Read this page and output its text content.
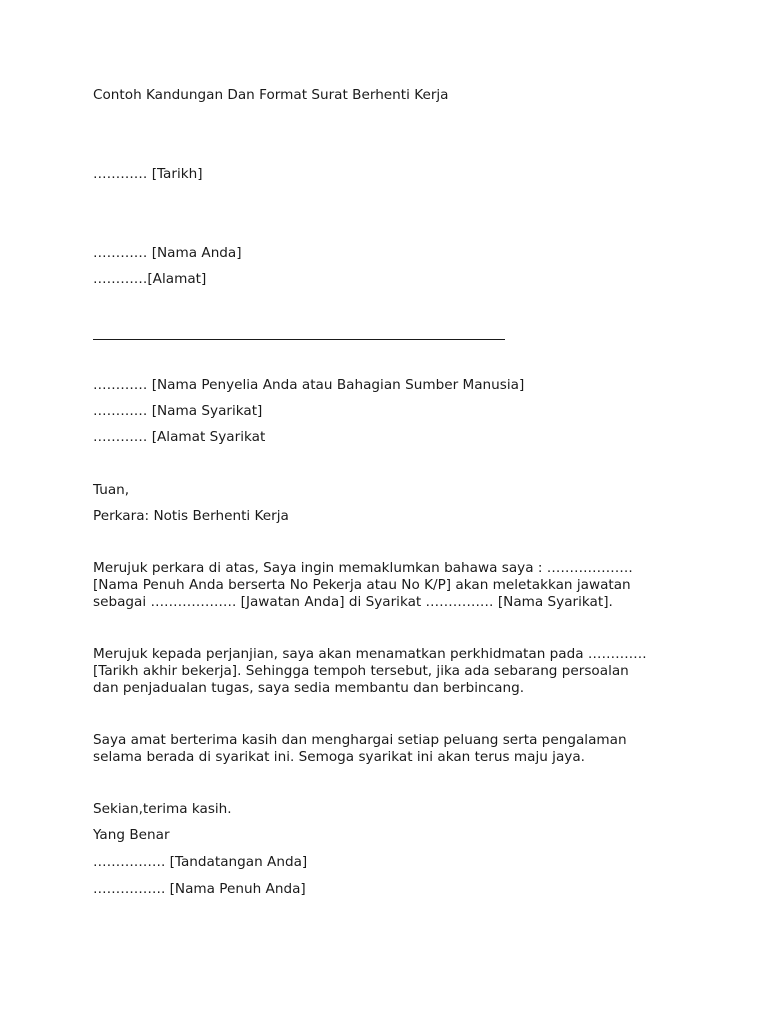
Contoh Kandungan Dan Format Surat Berhenti Kerja
………… [Tarikh]
………… [Nama Anda]
…………[Alamat]
………… [Nama Penyelia Anda atau Bahagian Sumber Manusia]
………… [Nama Syarikat]
………… [Alamat Syarikat
Tuan,
Perkara: Notis Berhenti Kerja
Merujuk perkara di atas, Saya ingin memaklumkan bahawa saya : ……………….
[Nama Penuh Anda berserta No Pekerja atau No K/P] akan meletakkan jawatan
sebagai ………………. [Jawatan Anda] di Syarikat …………… [Nama Syarikat].
Merujuk kepada perjanjian, saya akan menamatkan perkhidmatan pada ………….
[Tarikh akhir bekerja]. Sehingga tempoh tersebut, jika ada sebarang persoalan
dan penjadualan tugas, saya sedia membantu dan berbincang.
Saya amat berterima kasih dan menghargai setiap peluang serta pengalaman
selama berada di syarikat ini. Semoga syarikat ini akan terus maju jaya.
Sekian,terima kasih.
Yang Benar
……………. [Tandatangan Anda]
……………. [Nama Penuh Anda]
